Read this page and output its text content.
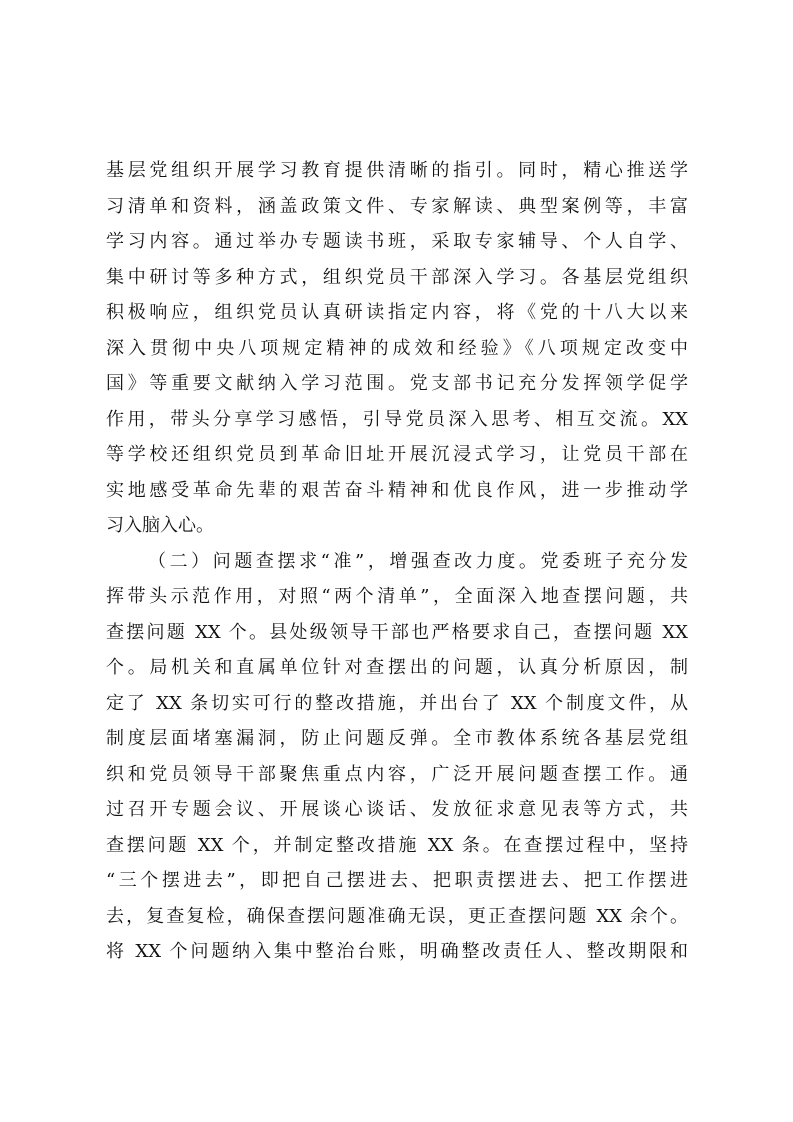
基层党组织开展学习教育提供清晰的指引。同时，精心推送学
习清单和资料，涵盖政策文件、专家解读、典型案例等，丰富
学习内容。通过举办专题读书班，采取专家辅导、个人自学、
集中研讨等多种方式，组织党员干部深入学习。各基层党组织
积极响应，组织党员认真研读指定内容，将《党的十八大以来
深入贯彻中央八项规定精神的成效和经验》《八项规定改变中
国》等重要文献纳入学习范围。党支部书记充分发挥领学促学
作用，带头分享学习感悟，引导党员深入思考、相互交流。XX
等学校还组织党员到革命旧址开展沉浸式学习，让党员干部在
实地感受革命先辈的艰苦奋斗精神和优良作风，进一步推动学
习入脑入心。
（二）问题查摆求“准”，增强查改力度。党委班子充分发
挥带头示范作用，对照“两个清单”，全面深入地查摆问题，共
查摆问题 XX 个。县处级领导干部也严格要求自己，查摆问题 XX
个。局机关和直属单位针对查摆出的问题，认真分析原因，制
定了 XX 条切实可行的整改措施，并出台了 XX 个制度文件，从
制度层面堵塞漏洞，防止问题反弹。全市教体系统各基层党组
织和党员领导干部聚焦重点内容，广泛开展问题查摆工作。通
过召开专题会议、开展谈心谈话、发放征求意见表等方式，共
查摆问题 XX 个，并制定整改措施 XX 条。在查摆过程中，坚持
“三个摆进去”，即把自己摆进去、把职责摆进去、把工作摆进
去，复查复检，确保查摆问题准确无误，更正查摆问题 XX 余个。
将 XX 个问题纳入集中整治台账，明确整改责任人、整改期限和
